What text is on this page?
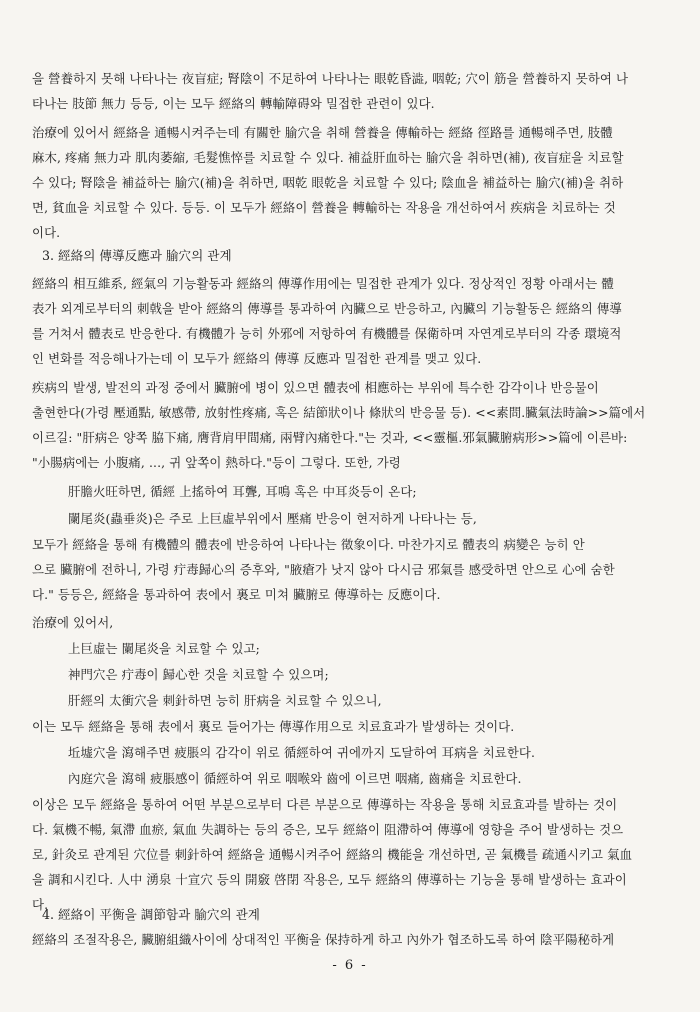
을 營養하지 못해 나타나는 夜盲症; 腎陰이 不足하여 나타나는 眼乾昏澁, 咽乾; 穴이 筋을 營養하지 못하여 나
타나는 肢節 無力 등등, 이는 모두 經絡의 轉輸障碍와 밀접한 관련이 있다.

治療에 있어서 經絡을 通暢시켜주는데 有關한 腧穴을 취해 營養을 傳輸하는 經絡 徑路를 通暢해주면, 肢體
麻木, 疼痛 無力과 肌肉萎縮, 毛髮憔悴를 치료할 수 있다. 補益肝血하는 腧穴을 취하면(補), 夜盲症을 치료할
수 있다; 腎陰을 補益하는 腧穴(補)을 취하면, 咽乾 眼乾을 치료할 수 있다; 陰血을 補益하는 腧穴(補)을 취하
면, 貧血을 치료할 수 있다. 등등. 이 모두가 經絡이 營養을 轉輸하는 작용을 개선하여서 疾病을 치료하는 것
이다.

3. 經絡의 傳導反應과 腧穴의 관계

經絡의 相互維系, 經氣의 기능활동과 經絡의 傳導作用에는 밀접한 관계가 있다. 정상적인 정황 아래서는 體
表가 외계로부터의 刺戟을 받아 經絡의 傳導를 통과하여 內臟으로 반응하고, 內臟의 기능활동은 經絡의 傳導
를 거쳐서 體表로 반응한다. 有機體가 능히 外邪에 저항하여 有機體를 保衛하며 자연계로부터의 각종 環境적
인 변화를 적응해나가는데 이 모두가 經絡의 傳導 反應과 밀접한 관계를 맺고 있다.

疾病의 발생, 발전의 과정 중에서 臟腑에 병이 있으면 體表에 相應하는 부위에 특수한 감각이나 반응물이
출현한다(가령 壓通點, 敏感帶, 放射性疼痛, 혹은 結節狀이나 條狀의 반응물 등). <<素問.臟氣法時論>>篇에서
이르길: "肝病은 양쪽 脇下痛, 膺背肩甲間痛, 兩臂內痛한다."는 것과, <<靈樞.邪氣臟腑病形>>篇에 이른바:
"小腸病에는 小腹痛, ..., 귀 앞쪽이 熱하다."등이 그렇다. 또한, 가령

肝膽火旺하면, 循經 上搖하여 耳聾, 耳鳴 혹은 中耳炎등이 온다;

闌尾炎(蟲垂炎)은 주로 上巨虛부위에서 壓痛 반응이 현저하게 나타나는 등,

모두가 經絡을 통해 有機體의 體表에 반응하여 나타나는 徵象이다. 마찬가지로 體表의 病變은 능히 안
으로 臟腑에 전하니, 가령 疔毒歸心의 증후와, "腋瘡가 낫지 않아 다시금 邪氣를 感受하면 안으로 心에 숨한
다." 등등은, 經絡을 통과하여 表에서 裏로 미쳐 臟腑로 傳導하는 反應이다.

治療에 있어서,

上巨虛는 闌尾炎을 치료할 수 있고;

神門穴은 疔毒이 歸心한 것을 치료할 수 있으며;

肝經의 太衝穴을 刺針하면 능히 肝病을 치료할 수 있으니,

이는 모두 經絡을 통해 表에서 裏로 들어가는 傳導作用으로 치료효과가 발생하는 것이다.

坵墟穴을 瀉해주면 疲脹의 감각이 위로 循經하여 귀에까지 도달하여 耳病을 치료한다.

內庭穴을 瀉해 疲脹感이 循經하여 위로 咽喉와 齒에 이르면 咽痛, 齒痛을 치료한다.

이상은 모두 經絡을 통하여 어떤 부분으로부터 다른 부분으로 傳導하는 작용을 통해 치료효과를 발하는 것이
다. 氣機不暢, 氣滯 血瘀, 氣血 失調하는 등의 증은, 모두 經絡이 阻滯하여 傳導에 영향을 주어 발생하는 것으
로, 針灸로 관계된 穴位를 刺針하여 經絡을 通暢시켜주어 經絡의 機能을 개선하면, 곧 氣機를 疏通시키고 氣血
을 調和시킨다. 人中 湧泉 十宣穴 등의 開竅 啓閉 작용은, 모두 經絡의 傳導하는 기능을 통해 발생하는 효과이
다.

4. 經絡이 平衡을 調節함과 腧穴의 관계

經絡의 조절작용은, 臟腑組織사이에 상대적인 平衡을 保持하게 하고 內外가 협조하도록 하여 陰平陽秘하게

- 6 -
